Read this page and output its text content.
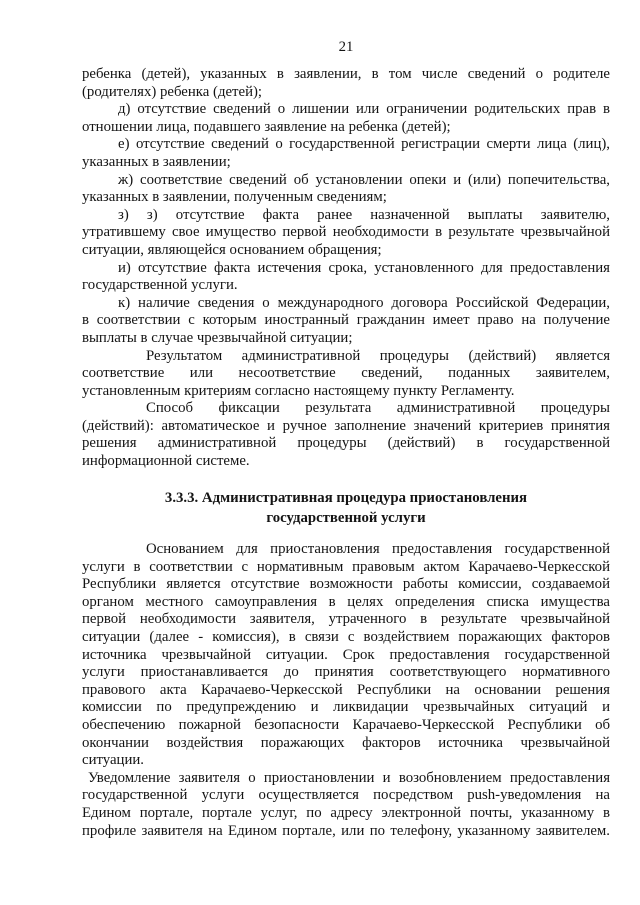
21
ребенка (детей), указанных в заявлении, в том числе сведений о родителе
(родителях) ребенка (детей);
д) отсутствие сведений о лишении или ограничении родительских прав в
отношении лица, подавшего заявление на ребенка (детей);
е) отсутствие сведений о государственной регистрации смерти лица (лиц),
указанных в заявлении;
ж) соответствие сведений об установлении опеки и (или) попечительства,
указанных в заявлении, полученным сведениям;
з) з) отсутствие факта ранее назначенной выплаты заявителю,
утратившему свое имущество первой необходимости в результате чрезвычайной
ситуации, являющейся основанием обращения;
и) отсутствие факта истечения срока, установленного для предоставления
государственной услуги.
к) наличие сведения о международного договора Российской Федерации,
в соответствии с которым иностранный гражданин имеет право на получение
выплаты в случае чрезвычайной ситуации;
Результатом административной процедуры (действий) является
соответствие или несоответствие сведений, поданных заявителем,
установленным критериям согласно настоящему пункту Регламенту.
Способ фиксации результата административной процедуры
(действий): автоматическое и ручное заполнение значений критериев принятия
решения административной процедуры (действий) в государственной
информационной системе.
3.3.3. Административная процедура приостановления
государственной услуги
Основанием для приостановления предоставления государственной
услуги в соответствии с нормативным правовым актом Карачаево-Черкесской
Республики является отсутствие возможности работы комиссии, создаваемой
органом местного самоуправления в целях определения списка имущества
первой необходимости заявителя, утраченного в результате чрезвычайной
ситуации (далее - комиссия), в связи с воздействием поражающих факторов
источника чрезвычайной ситуации. Срок предоставления государственной
услуги приостанавливается до принятия соответствующего нормативного
правового акта Карачаево-Черкесской Республики на основании решения
комиссии по предупреждению и ликвидации чрезвычайных ситуаций и
обеспечению пожарной безопасности Карачаево-Черкесской Республики об
окончании воздействия поражающих факторов источника чрезвычайной
ситуации.
Уведомление заявителя о приостановлении и возобновлением предоставления
государственной услуги осуществляется посредством push-уведомления на
Едином портале, портале услуг, по адресу электронной почты, указанному в
профиле заявителя на Едином портале, или по телефону, указанному заявителем.
